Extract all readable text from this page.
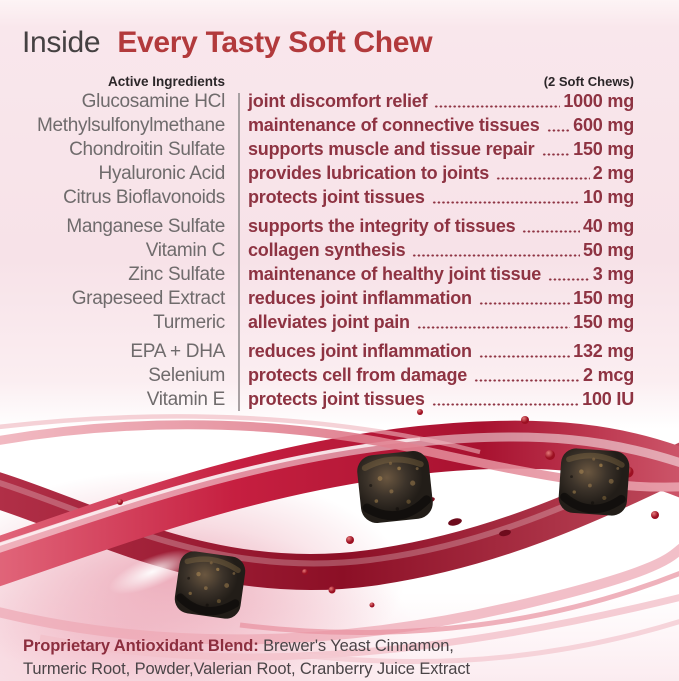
Inside Every Tasty Soft Chew
Active Ingredients	(2 Soft Chews)
Glucosamine HCl	joint discomfort relief	1000 mg
Methylsulfonylmethane	maintenance of connective tissues 600 mg
Chondroitin Sulfate	supports muscle and tissue repair 150 mg
Hyaluronic Acid	provides lubrication to joints	2 mg
Citrus Bioflavonoids	protects joint tissues	10 mg
Manganese Sulfate	supports the integrity of tissues	40 mg
Vitamin C	collagen synthesis	50 mg
Zinc Sulfate	maintenance of healthy joint tissue	3 mg
Grapeseed Extract	reduces joint inflammation	150 mg
Turmeric	alleviates joint pain	150 mg
EPA + DHA	reduces joint inflammation	132 mg
Selenium	protects cell from damage	2 mcg
Vitamin E	protects joint tissues	100 IU

Proprietary Antioxidant Blend: Brewer's Yeast Cinnamon, Turmeric Root, Powder,Valerian Root, Cranberry Juice Extract
